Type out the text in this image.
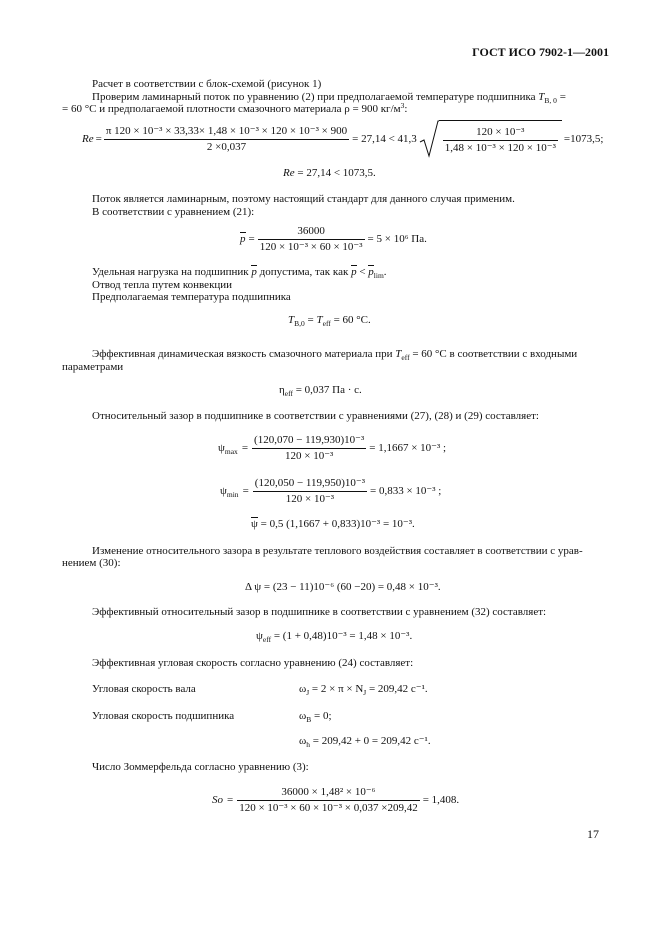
ГОСТ ИСО 7902-1—2001
Расчет в соответствии с блок-схемой (рисунок 1)
Проверим ламинарный поток по уравнению (2) при предполагаемой температуре подшипника $T_{B, 0}$ =
= 60 °С и предполагаемой плотности смазочного материала ρ = 900 $кг/м^3$:
$Re = \frac{\text{π 120 × 10⁻³ × 33,33× 1,48 × 10⁻³ × 120 × 10⁻³ × 900}}{2 \times 0,037} = 27,14 < 41,3 \frac{\text{120 × 10⁻³}}{\text{1,48 × 10⁻³ × 120 × 10⁻³}} =1073,5$;
Re = 27,14 < 1073,5.
Поток является ламинарным, поэтому настоящий стандарт для данного случая применим.
В соответствии с уравнением (21):
$p = \frac{36000}{\text{120 × 10⁻³ × 60 × 10⁻³}} = 5 \times 10^6$ Па.
Удельная нагрузка на подшипник p допустима, так как $p < p_{lim}$.
Отвод тепла путем конвекции
Предполагаемая температура подшипника
$T_{B,0} = T_{eff} = 60$ °С.
Эффективная динамическая вязкость смазочного материала при $T_{eff} = 60$ °С в соответствии с входными
параметрами
$\eta_{eff} = 0,037$ Па · с.
Относительный зазор в подшипнике в соответствии с уравнениями (27), (28) и (29) составляет:
$\psi_{max} = \frac{\text{(120,070 − 119,930)10⁻³}}{\text{120 × 10⁻³}} = 1,1667 \times 10^{-3}$ ;
$\psi_{min} = \frac{\text{(120,050 − 119,950)10⁻³}}{\text{120 × 10⁻³}} = 0,833 \times 10^{-3}$ ;
ψ = 0,5 (1,1667 + 0,833)10⁻³ = 10⁻³.
Изменение относительного зазора в результате теплового воздействия составляет в соответствии с урав-
нением (30):
Δ ψ = (23 − 11)10⁻⁶ (60 −20) = 0,48 × 10⁻³.
Эффективный относительный зазор в подшипнике в соответствии с уравнением (32) составляет:
$\psi_{eff} = (1 + 0,48)10^{-3} = 1,48 \times 10^{-3}$.
Эффективная угловая скорость согласно уравнению (24) составляет:
Угловая скорость вала	$\omega_J = 2 \times \pi \times N_J = 209,42$ c⁻¹.
Угловая скорость подшипника	$\omega_B = 0$;
$\omega_h = 209,42 + 0 = 209,42$ c⁻¹.
Число Зоммерфельда согласно уравнению (3):
$So = \frac{\text{36000 × 1,48² × 10⁻⁶}}{\text{120 × 10⁻³ × 60 × 10⁻³ × 0,037 ×209,42}} = 1,408$.
17
